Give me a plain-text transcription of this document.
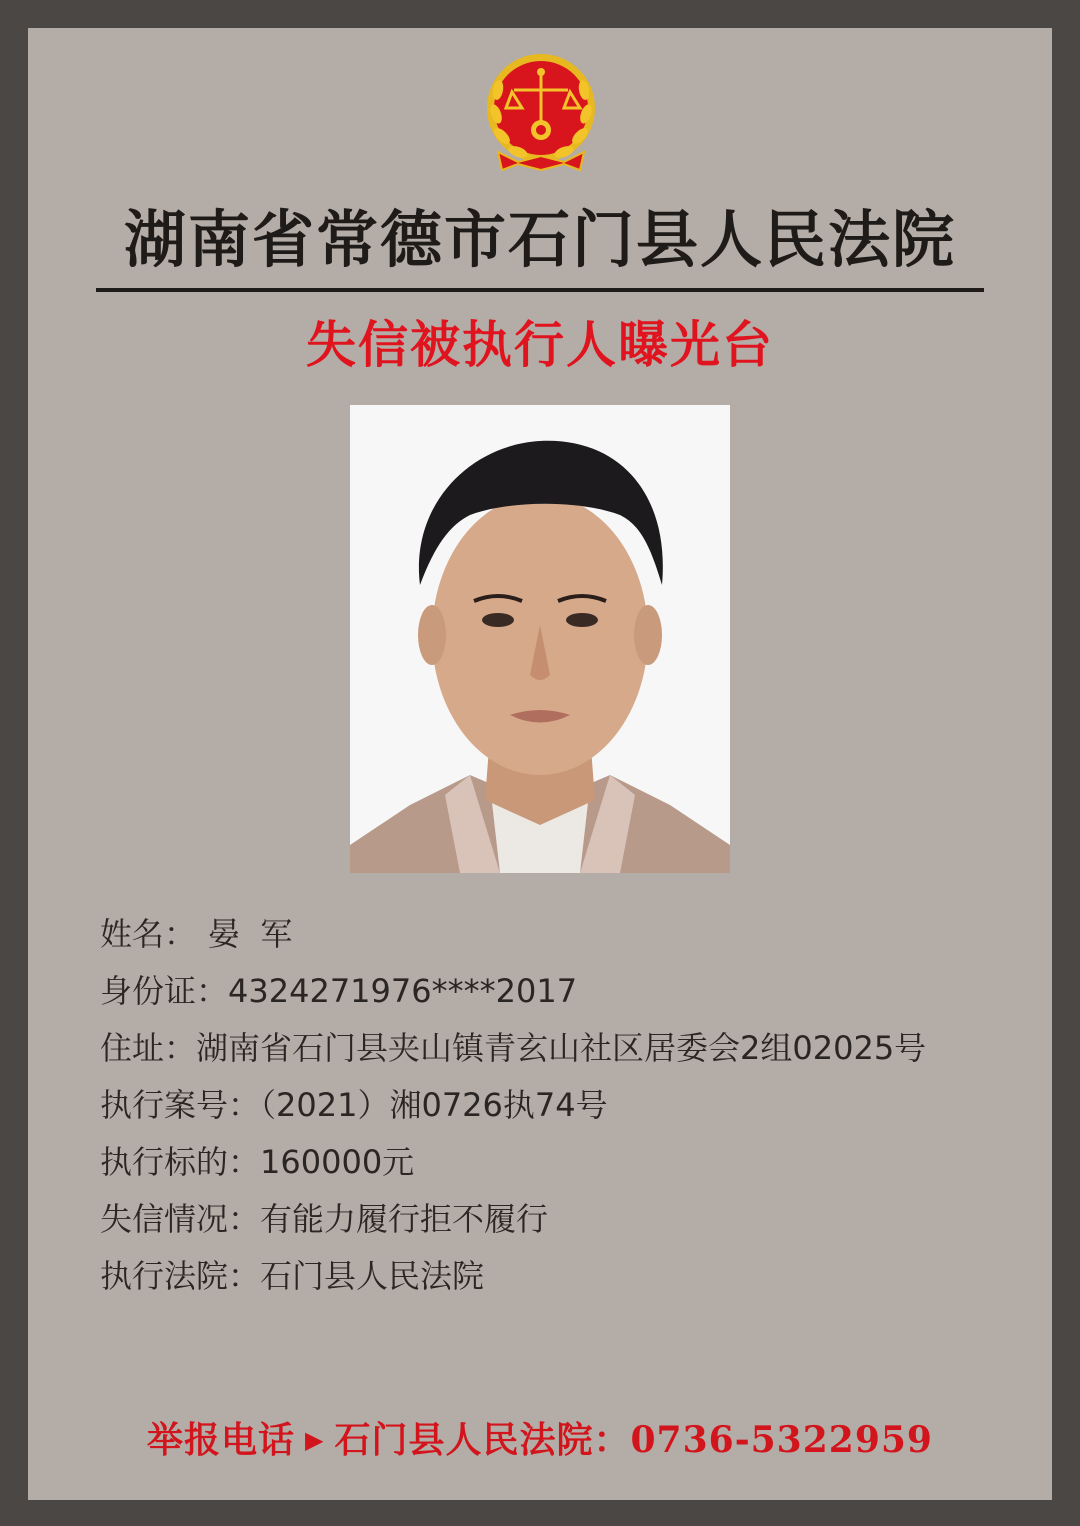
湖南省常德市石门县人民法院
失信被执行人曝光台
姓名： 晏  军
身份证：4324271976****2017
住址：湖南省石门县夹山镇青玄山社区居委会2组02025号
执行案号：（2021）湘0726执74号
执行标的：160000元
失信情况：有能力履行拒不履行
执行法院：石门县人民法院
举报电话 ▶ 石门县人民法院：0736-5322959
